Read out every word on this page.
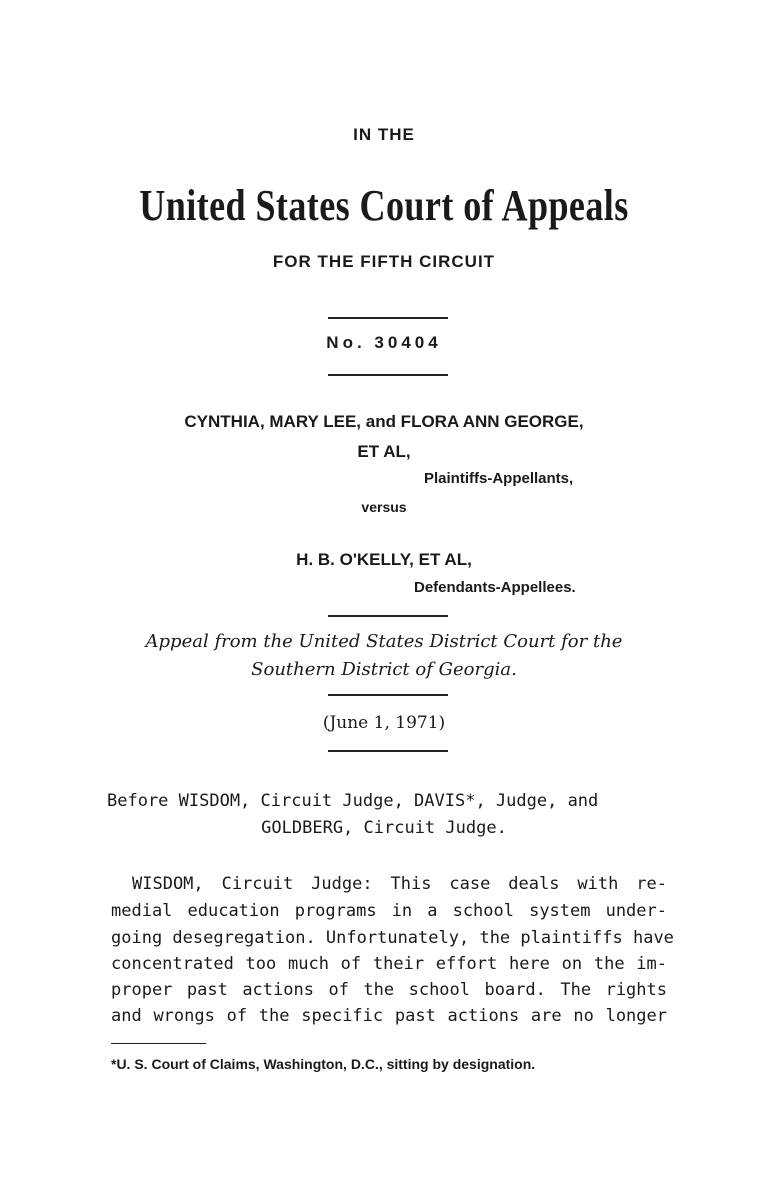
IN THE
United States Court of Appeals
FOR THE FIFTH CIRCUIT
No. 30404
CYNTHIA, MARY LEE, and FLORA ANN GEORGE,
ET AL,
Plaintiffs-Appellants,
versus
H. B. O'KELLY, ET AL,
Defendants-Appellees.
Appeal from the United States District Court for the
Southern District of Georgia.
(June 1, 1971)
Before WISDOM, Circuit Judge, DAVIS*, Judge, and
GOLDBERG, Circuit Judge.
WISDOM, Circuit Judge: This case deals with re-
medial education programs in a school system under-
going desegregation. Unfortunately, the plaintiffs have
concentrated too much of their effort here on the im-
proper past actions of the school board. The rights
and wrongs of the specific past actions are no longer
*U. S. Court of Claims, Washington, D.C., sitting by designation.
